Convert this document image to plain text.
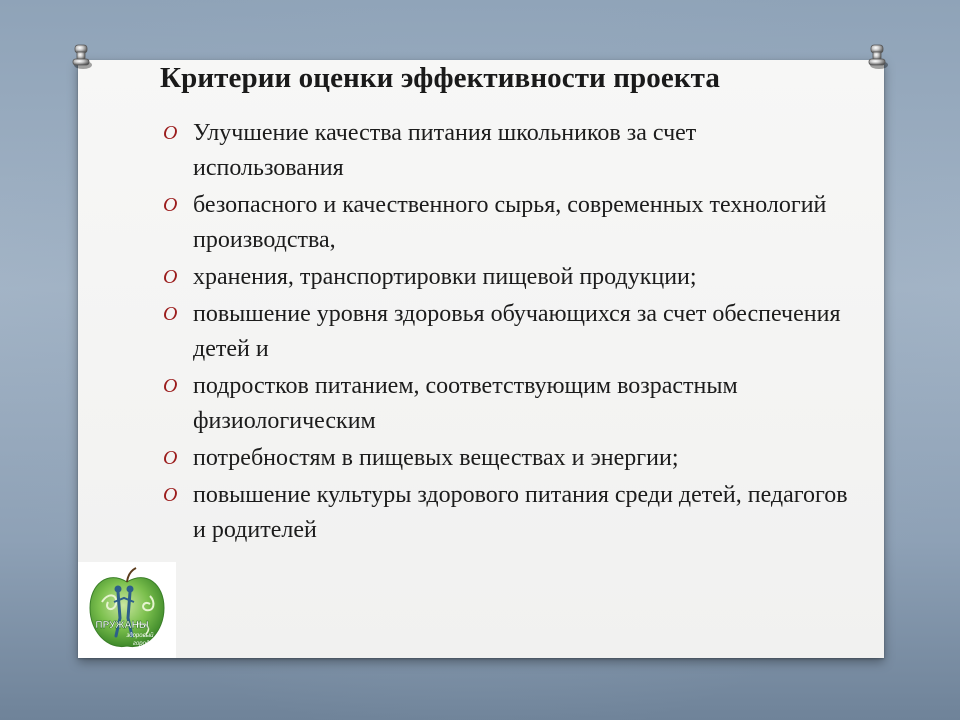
Критерии оценки эффективности проекта
O Улучшение качества питания школьников за счет использования
O безопасного и качественного сырья, современных технологий производства,
O хранения, транспортировки пищевой продукции;
O повышение уровня здоровья обучающихся за счет обеспечения детей и
O подростков питанием, соответствующим возрастным физиологическим
O потребностям в пищевых веществах и энергии;
O повышение культуры здорового питания среди детей, педагогов и родителей
ПРУЖАНЫ
здоровый
город!
